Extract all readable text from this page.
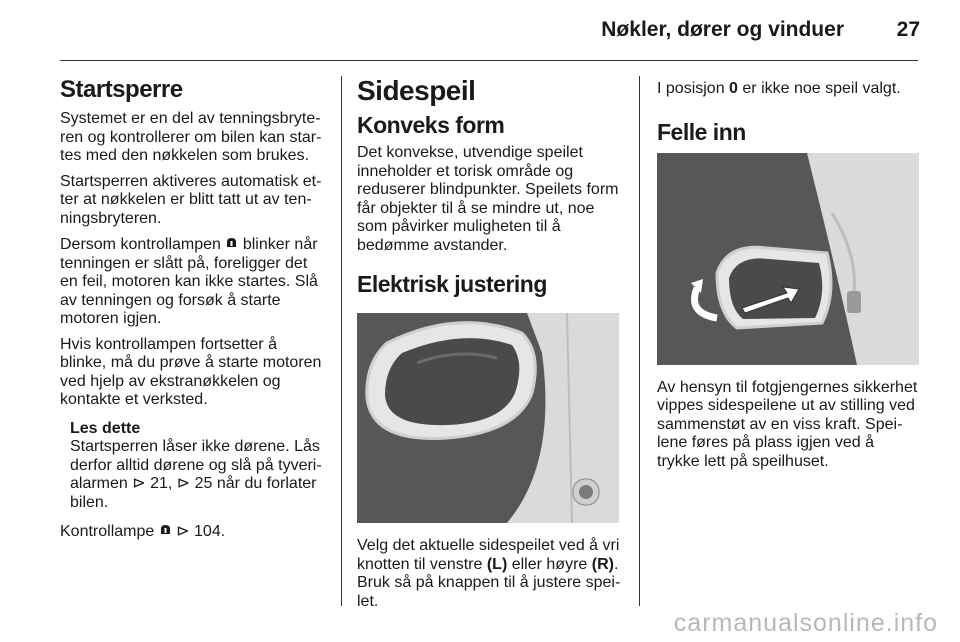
Nøkler, dører og vinduer	27
Startsperre

Systemet er en del av tenningsbryteren og kontrollerer om bilen kan startes med den nøkkelen som brukes.

Startsperren aktiveres automatisk etter at nøkkelen er blitt tatt ut av tenningsbryteren.

Dersom kontrollampen  blinker når tenningen er slått på, foreligger det en feil, motoren kan ikke startes. Slå av tenningen og forsøk å starte motoren igjen.

Hvis kontrollampen fortsetter å blinke, må du prøve å starte motoren ved hjelp av ekstranøkkelen og kontakte et verksted.

Les dette
Startsperren låser ikke dørene. Lås derfor alltid dørene og slå på tyverialarmen ⊳ 21, ⊳ 25 når du forlater bilen.

Kontrollampe  ⊳ 104.

Sidespeil
Konveks form

Det konvekse, utvendige speilet inneholder et torisk område og reduserer blindpunkter. Speilets form får objekter til å se mindre ut, noe som påvirker muligheten til å bedømme avstander.

Elektrisk justering

Velg det aktuelle sidespeilet ved å vri knotten til venstre (L) eller høyre (R). Bruk så på knappen til å justere speilet.

I posisjon 0 er ikke noe speil valgt.

Felle inn

Av hensyn til fotgjengernes sikkerhet vippes sidespeilene ut av stilling ved sammenstøt av en viss kraft. Speilene føres på plass igjen ved å trykke lett på speilhuset.

carmanualsonline.info
